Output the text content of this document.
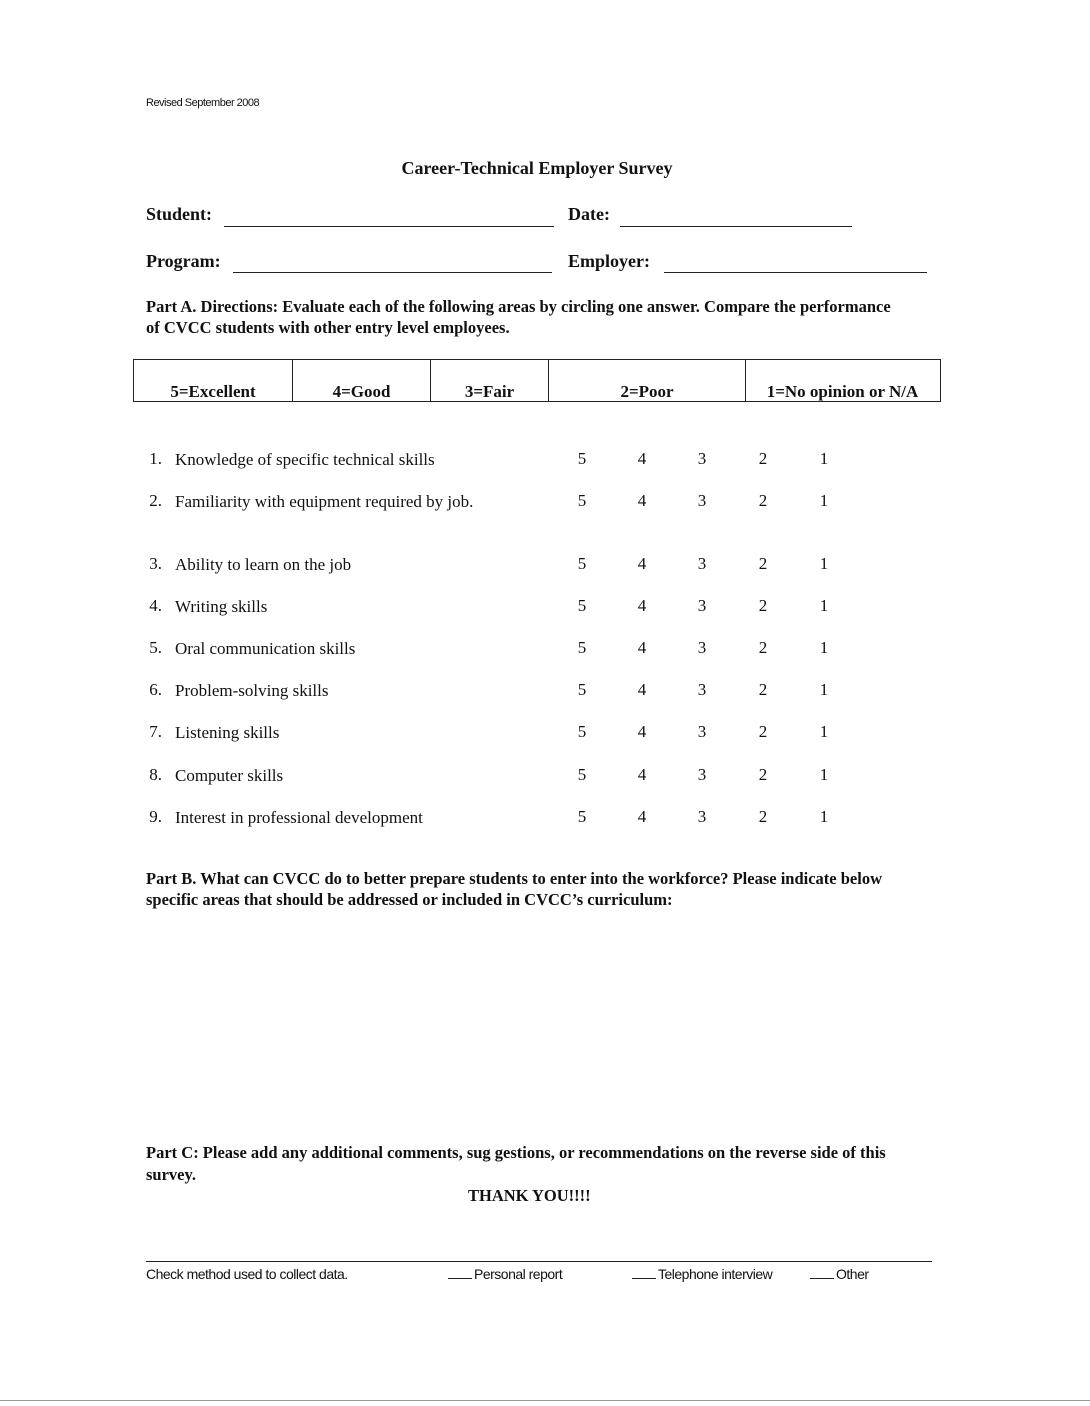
Revised September 2008
Career-Technical Employer Survey
Student:	Date:
Program:	Employer:
Part A. Directions: Evaluate each of the following areas by circling one answer. Compare the performance of CVCC students with other entry level employees.
5=Excellent	4=Good	3=Fair	2=Poor	1=No opinion or N/A
1. Knowledge of specific technical skills	5	4	3	2	1
2. Familiarity with equipment required by job.	5	4	3	2	1
3. Ability to learn on the job	5	4	3	2	1
4. Writing skills	5	4	3	2	1
5. Oral communication skills	5	4	3	2	1
6. Problem-solving skills	5	4	3	2	1
7. Listening skills	5	4	3	2	1
8. Computer skills	5	4	3	2	1
9. Interest in professional development	5	4	3	2	1
Part B. What can CVCC do to better prepare students to enter into the workforce? Please indicate below specific areas that should be addressed or included in CVCC’s curriculum:
Part C: Please add any additional comments, sug gestions, or recommendations on the reverse side of this survey.
THANK YOU!!!!
Check method used to collect data.	Personal report	Telephone interview	Other
